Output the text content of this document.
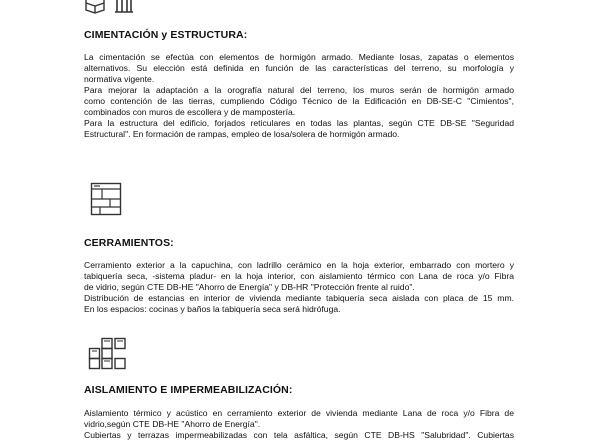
CIMENTACIÓN y ESTRUCTURA:
La cimentación se efectúa con elementos de hormigón armado. Mediante losas, zapatas o elementos
alternativos. Su elección está definida en función de las características del terreno, su morfología y
normativa vigente.
Para mejorar la adaptación a la orografía natural del terreno, los muros serán de hormigón armado
como contención de las tierras, cumpliendo Código Técnico de la Edificación en DB-SE-C "Cimientos",
combinados con muros de escollera y de mampostería.
Para la estructura del edificio, forjados reticulares en todas las plantas, según CTE DB-SE "Seguridad
Estructural". En formación de rampas, empleo de losa/solera de hormigón armado.
CERRAMIENTOS:
Cerramiento exterior a la capuchina, con ladrillo cerámico en la hoja exterior, embarrado con mortero y
tabiquería seca, -sistema pladur- en la hoja interior, con aislamiento térmico con Lana de roca y/o Fibra
de vidrio, según CTE DB-HE "Ahorro de Energía" y DB-HR "Protección frente al ruido".
Distribución de estancias en interior de vivienda mediante tabiquería seca aislada con placa de 15 mm.
En los espacios: cocinas y baños la tabiquería seca será hidrófuga.
AISLAMIENTO E IMPERMEABILIZACIÓN:
Aislamiento térmico y acústico en cerramiento exterior de vivienda mediante Lana de roca y/o Fibra de
vidrio,según CTE DB-HE "Ahorro de Energía".
Cubiertas y terrazas impermeabilizadas con tela asfáltica, según CTE DB-HS "Salubridad". Cubiertas
